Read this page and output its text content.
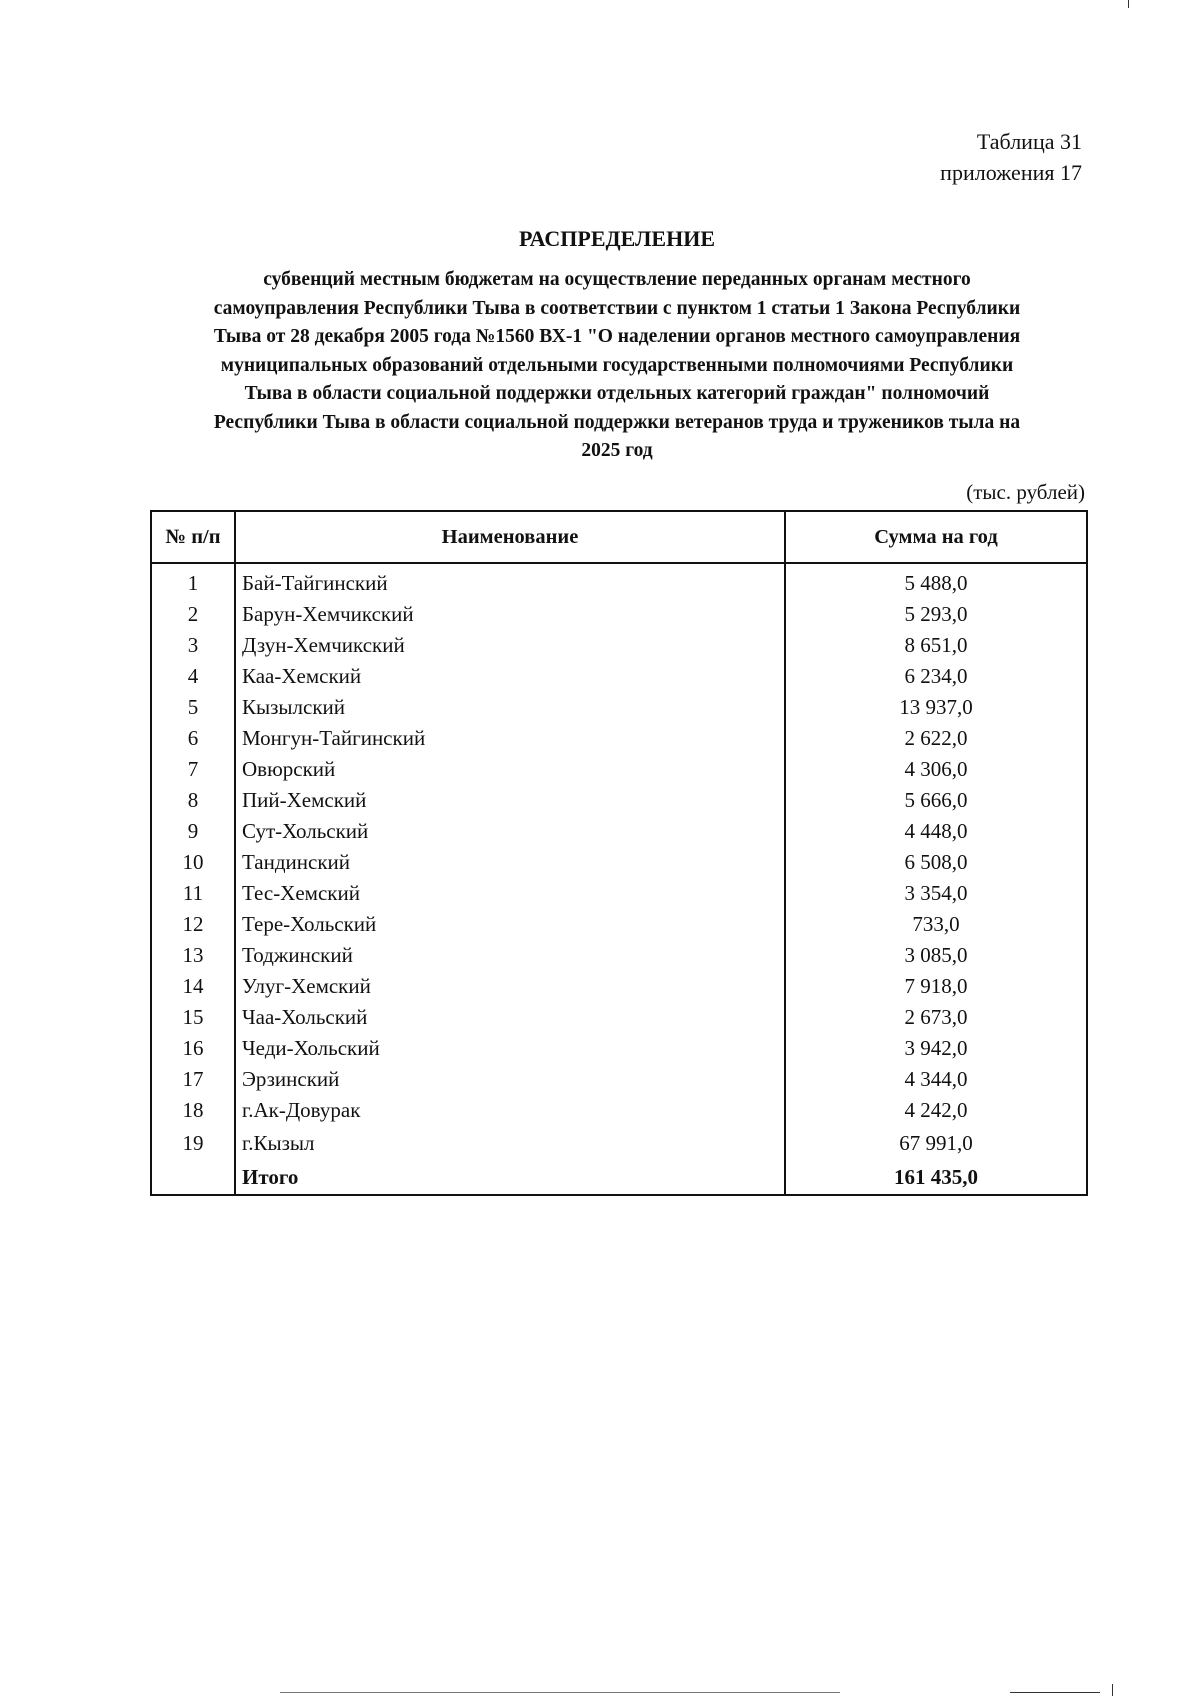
Таблица 31
приложения 17
РАСПРЕДЕЛЕНИЕ
субвенций местным бюджетам на осуществление переданных органам местного
самоуправления Республики Тыва в соответствии с пунктом 1 статьи 1 Закона Республики
Тыва от 28 декабря 2005 года №1560 ВХ-1 "О наделении органов местного самоуправления
муниципальных образований отдельными государственными полномочиями Республики
Тыва в области социальной поддержки отдельных категорий граждан" полномочий
Республики Тыва в области социальной поддержки ветеранов труда и тружеников тыла на
2025 год
(тыс. рублей)
№ п/п	Наименование	Сумма на год
1	Бай-Тайгинский	5 488,0
2	Барун-Хемчикский	5 293,0
3	Дзун-Хемчикский	8 651,0
4	Каа-Хемский	6 234,0
5	Кызылский	13 937,0
6	Монгун-Тайгинский	2 622,0
7	Овюрский	4 306,0
8	Пий-Хемский	5 666,0
9	Сут-Хольский	4 448,0
10	Тандинский	6 508,0
11	Тес-Хемский	3 354,0
12	Тере-Хольский	733,0
13	Тоджинский	3 085,0
14	Улуг-Хемский	7 918,0
15	Чаа-Хольский	2 673,0
16	Чеди-Хольский	3 942,0
17	Эрзинский	4 344,0
18	г.Ак-Довурак	4 242,0
19	г.Кызыл	67 991,0
	Итого	161 435,0
